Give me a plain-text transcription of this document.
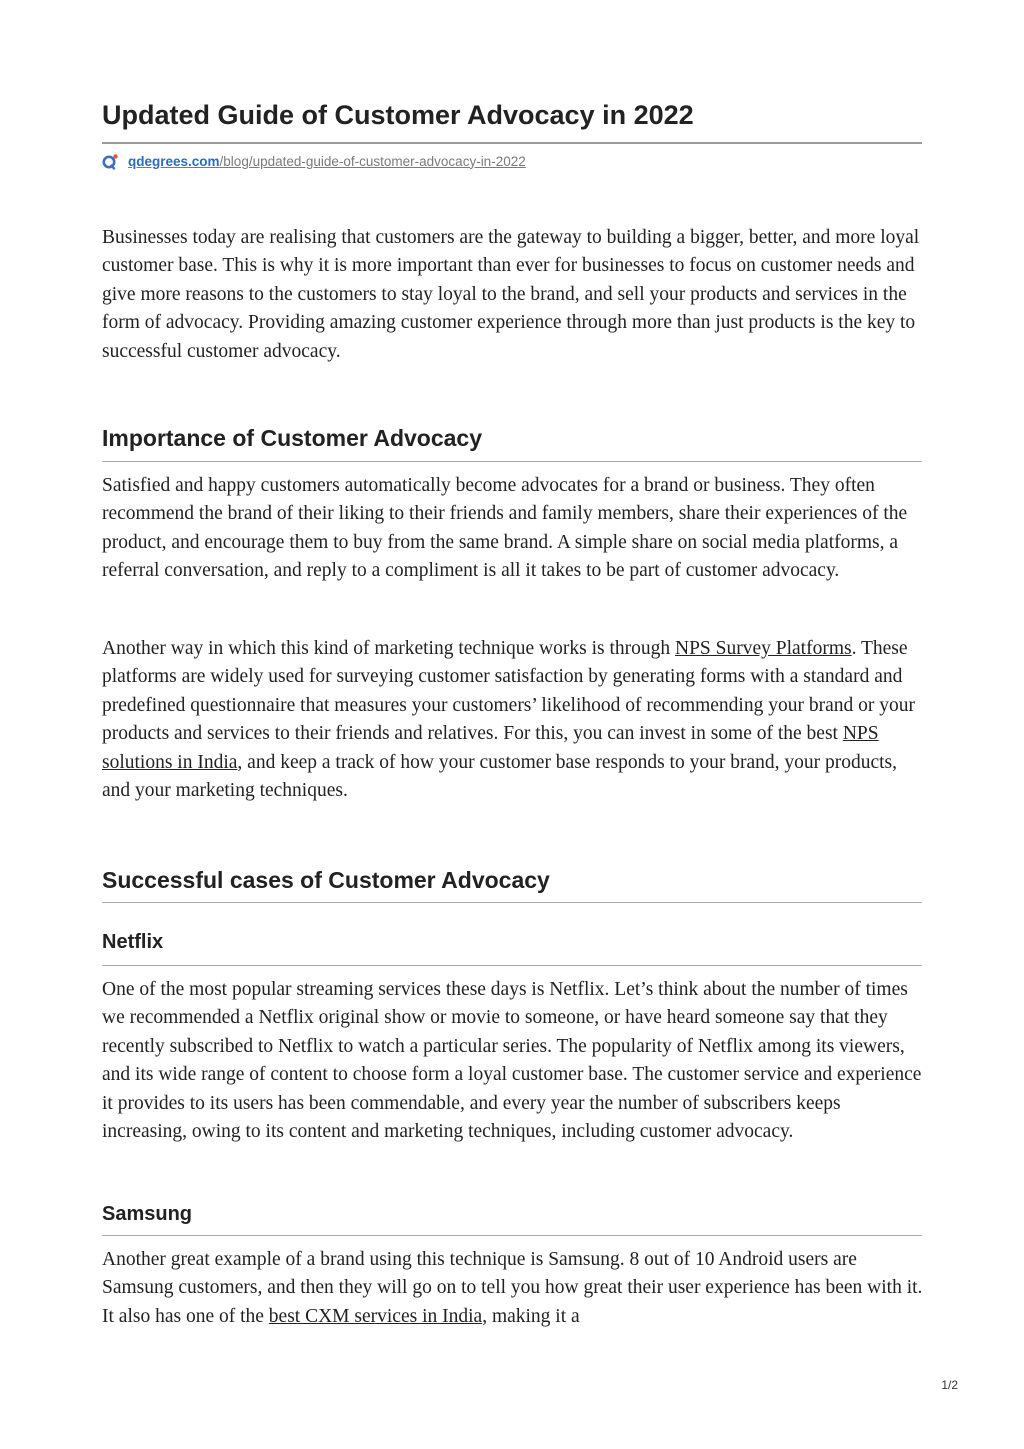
Updated Guide of Customer Advocacy in 2022
qdegrees.com/blog/updated-guide-of-customer-advocacy-in-2022

Businesses today are realising that customers are the gateway to building a bigger, better, and more loyal customer base. This is why it is more important than ever for businesses to focus on customer needs and give more reasons to the customers to stay loyal to the brand, and sell your products and services in the form of advocacy. Providing amazing customer experience through more than just products is the key to successful customer advocacy.

Importance of Customer Advocacy

Satisfied and happy customers automatically become advocates for a brand or business. They often recommend the brand of their liking to their friends and family members, share their experiences of the product, and encourage them to buy from the same brand. A simple share on social media platforms, a referral conversation, and reply to a compliment is all it takes to be part of customer advocacy.

Another way in which this kind of marketing technique works is through NPS Survey Platforms. These platforms are widely used for surveying customer satisfaction by generating forms with a standard and predefined questionnaire that measures your customers’ likelihood of recommending your brand or your products and services to their friends and relatives. For this, you can invest in some of the best NPS solutions in India, and keep a track of how your customer base responds to your brand, your products, and your marketing techniques.

Successful cases of Customer Advocacy
Netflix

One of the most popular streaming services these days is Netflix. Let’s think about the number of times we recommended a Netflix original show or movie to someone, or have heard someone say that they recently subscribed to Netflix to watch a particular series. The popularity of Netflix among its viewers, and its wide range of content to choose form a loyal customer base. The customer service and experience it provides to its users has been commendable, and every year the number of subscribers keeps increasing, owing to its content and marketing techniques, including customer advocacy.

Samsung

Another great example of a brand using this technique is Samsung. 8 out of 10 Android users are Samsung customers, and then they will go on to tell you how great their user experience has been with it. It also has one of the best CXM services in India, making it a

1/2
